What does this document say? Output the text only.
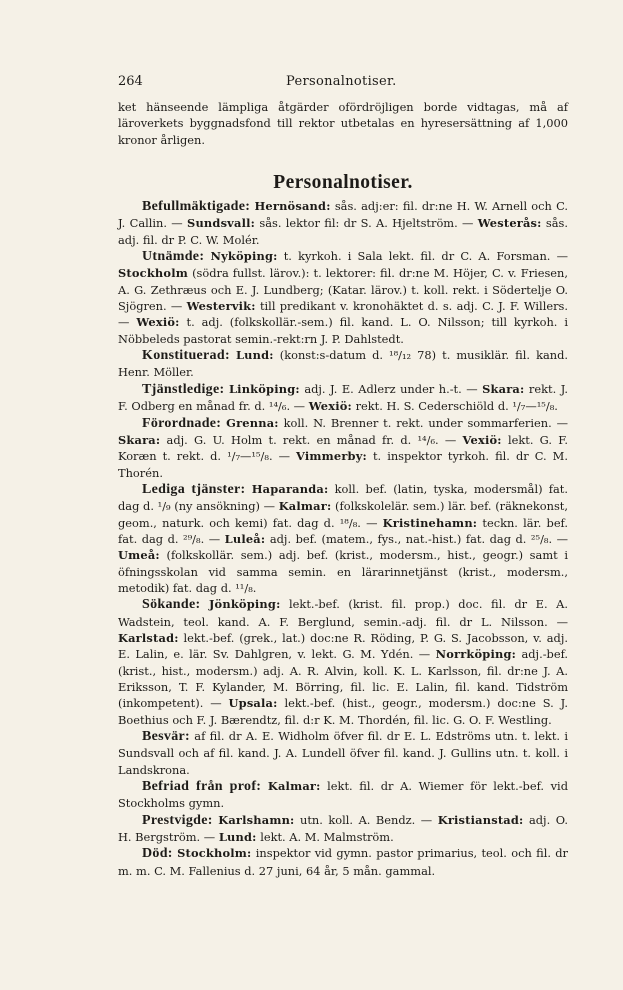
264	Personalnotiser.

ket hänseende lämpliga åtgärder ofördröjligen borde vidtagas, må af läroverkets byggnadsfond till rektor utbetalas en hyresersättning af 1,000 kronor årligen.

Personalnotiser.

Befullmäktigade: Hernösand: sås. adj:er: fil. dr:ne H. W. Arnell och C. J. Callin. — Sundsvall: sås. lektor fil: dr S. A. Hjeltström. — Westerås: sås. adj. fil. dr P. C. W. Molér.

Utnämde: Nyköping: t. kyrkoh. i Sala lekt. fil. dr C. A. Forsman. — Stockholm (södra fullst. lärov.): t. lektorer: fil. dr:ne M. Höjer, C. v. Friesen, A. G. Zethræus och E. J. Lundberg; (Katar. lärov.) t. koll. rekt. i Södertelje O. Sjögren. — Westervik: till predikant v. kronohäktet d. s. adj. C. J. F. Willers. — Wexiö: t. adj. (folkskollär.-sem.) fil. kand. L. O. Nilsson; till kyrkoh. i Nöbbeleds pastorat semin.-rekt:rn J. P. Dahlstedt.

Konstituerad: Lund: (konst:s-datum d. ¹⁸/₁₂ 78) t. musiklär. fil. kand. Henr. Möller.

Tjänstledige: Linköping: adj. J. E. Adlerz under h.-t. — Skara: rekt. J. F. Odberg en månad fr. d. ¹⁴/₆. — Wexiö: rekt. H. S. Cederschiöld d. ¹/₇—¹⁵/₈.

Förordnade: Grenna: koll. N. Brenner t. rekt. under sommarferien. — Skara: adj. G. U. Holm t. rekt. en månad fr. d. ¹⁴/₆. — Vexiö: lekt. G. F. Koræn t. rekt. d. ¹/₇—¹⁵/₈. — Vimmerby: t. inspektor tyrkoh. fil. dr C. M. Thorén.

Lediga tjänster: Haparanda: koll. bef. (latin, tyska, modersmål) fat. dag d. ¹/₉ (ny ansökning) — Kalmar: (folkskolelär. sem.) lär. bef. (räknekonst, geom., naturk. och kemi) fat. dag d. ¹⁸/₈. — Kristinehamn: teckn. lär. bef. fat. dag d. ²⁹/₈. — Luleå: adj. bef. (matem., fys., nat.-hist.) fat. dag d. ²⁵/₈. — Umeå: (folkskollär. sem.) adj. bef. (krist., modersm., hist., geogr.) samt i öfningsskolan vid samma semin. en lärarinnetjänst (krist., modersm., metodik) fat. dag d. ¹¹/₈.

Sökande: Jönköping: lekt.-bef. (krist. fil. prop.) doc. fil. dr E. A. Wadstein, teol. kand. A. F. Berglund, semin.-adj. fil. dr L. Nilsson. — Karlstad: lekt.-bef. (grek., lat.) doc:ne R. Röding, P. G. S. Jacobsson, v. adj. E. Lalin, e. lär. Sv. Dahlgren, v. lekt. G. M. Ydén. — Norrköping: adj.-bef. (krist., hist., modersm.) adj. A. R. Alvin, koll. K. L. Karlsson, fil. dr:ne J. A. Eriksson, T. F. Kylander, M. Börring, fil. lic. E. Lalin, fil. kand. Tidström (inkompetent). — Upsala: lekt.-bef. (hist., geogr., modersm.) doc:ne S. J. Boethius och F. J. Bærendtz, fil. d:r K. M. Thordén, fil. lic. G. O. F. Westling.

Besvär: af fil. dr A. E. Widholm öfver fil. dr E. L. Edströms utn. t. lekt. i Sundsvall och af fil. kand. J. A. Lundell öfver fil. kand. J. Gullins utn. t. koll. i Landskrona.

Befriad från prof: Kalmar: lekt. fil. dr A. Wiemer för lekt.-bef. vid Stockholms gymn.

Prestvigde: Karlshamn: utn. koll. A. Bendz. — Kristianstad: adj. O. H. Bergström. — Lund: lekt. A. M. Malmström.

Död: Stockholm: inspektor vid gymn. pastor primarius, teol. och fil. dr m. m. C. M. Fallenius d. 27 juni, 64 år, 5 mån. gammal.
